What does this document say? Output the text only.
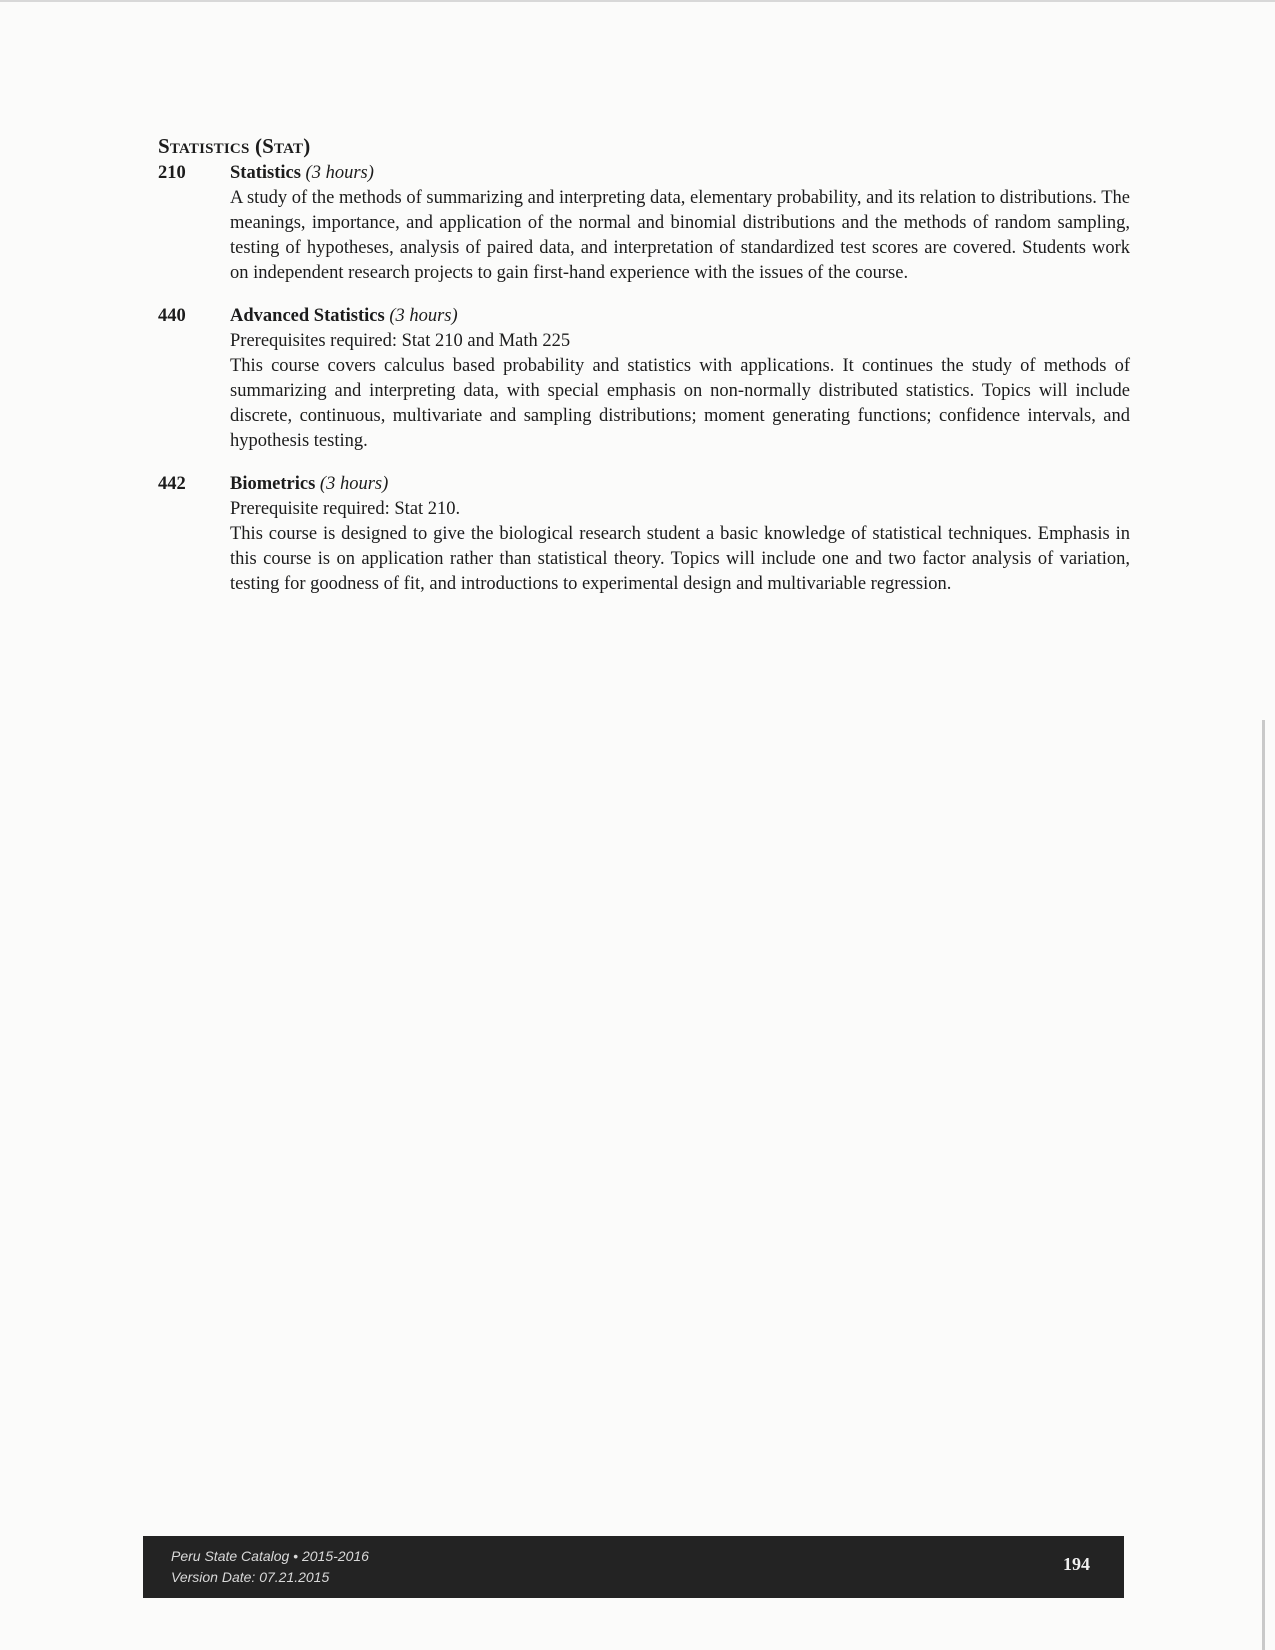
Statistics (Stat)
210	Statistics (3 hours)
A study of the methods of summarizing and interpreting data, elementary probability, and its relation to distributions. The meanings, importance, and application of the normal and binomial distributions and the methods of random sampling, testing of hypotheses, analysis of paired data, and interpretation of standardized test scores are covered. Students work on independent research projects to gain first-hand experience with the issues of the course.
440	Advanced Statistics (3 hours)
Prerequisites required: Stat 210 and Math 225
This course covers calculus based probability and statistics with applications. It continues the study of methods of summarizing and interpreting data, with special emphasis on non-normally distributed statistics. Topics will include discrete, continuous, multivariate and sampling distributions; moment generating functions; confidence intervals, and hypothesis testing.
442	Biometrics (3 hours)
Prerequisite required: Stat 210.
This course is designed to give the biological research student a basic knowledge of statistical techniques. Emphasis in this course is on application rather than statistical theory. Topics will include one and two factor analysis of variation, testing for goodness of fit, and introductions to experimental design and multivariable regression.
Peru State Catalog • 2015-2016
Version Date: 07.21.2015
194
